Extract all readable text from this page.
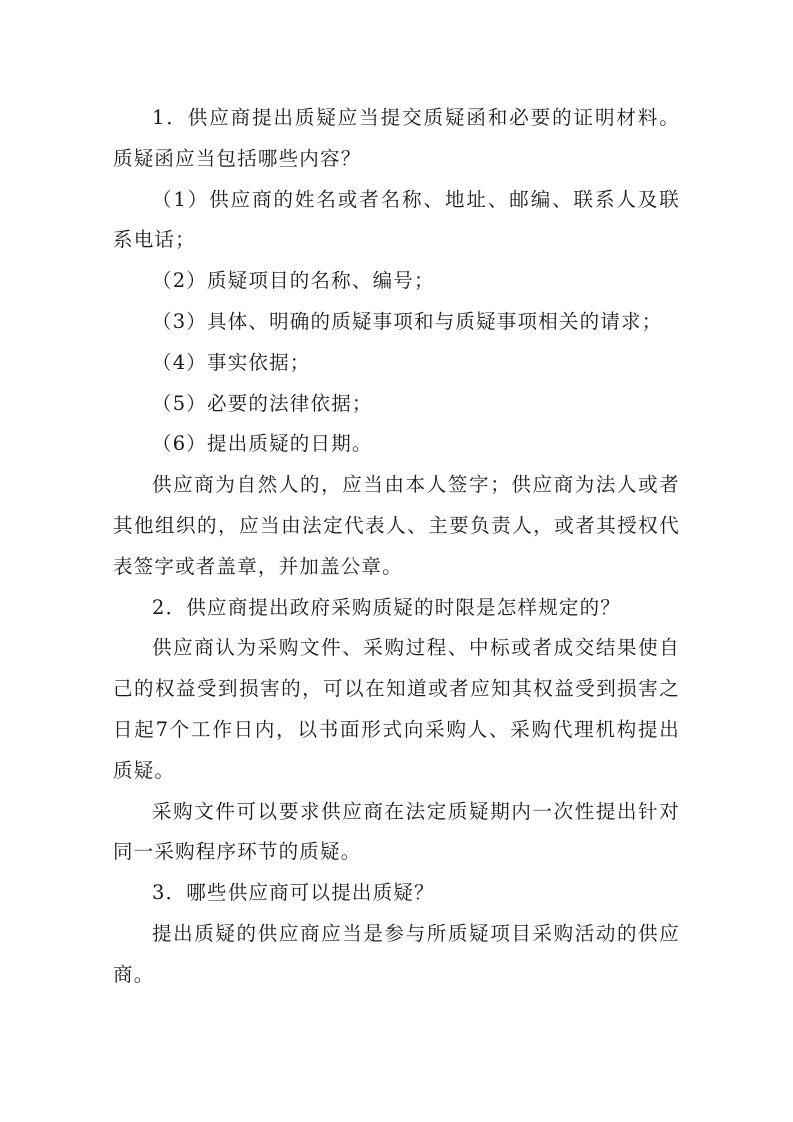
1．供应商提出质疑应当提交质疑函和必要的证明材料。质疑函应当包括哪些内容？

（1）供应商的姓名或者名称、地址、邮编、联系人及联系电话；

（2）质疑项目的名称、编号；

（3）具体、明确的质疑事项和与质疑事项相关的请求；

（4）事实依据；

（5）必要的法律依据；

（6）提出质疑的日期。

供应商为自然人的，应当由本人签字；供应商为法人或者其他组织的，应当由法定代表人、主要负责人，或者其授权代表签字或者盖章，并加盖公章。

2．供应商提出政府采购质疑的时限是怎样规定的？

供应商认为采购文件、采购过程、中标或者成交结果使自己的权益受到损害的，可以在知道或者应知其权益受到损害之日起7个工作日内，以书面形式向采购人、采购代理机构提出质疑。

采购文件可以要求供应商在法定质疑期内一次性提出针对同一采购程序环节的质疑。

3．哪些供应商可以提出质疑？

提出质疑的供应商应当是参与所质疑项目采购活动的供应商。
